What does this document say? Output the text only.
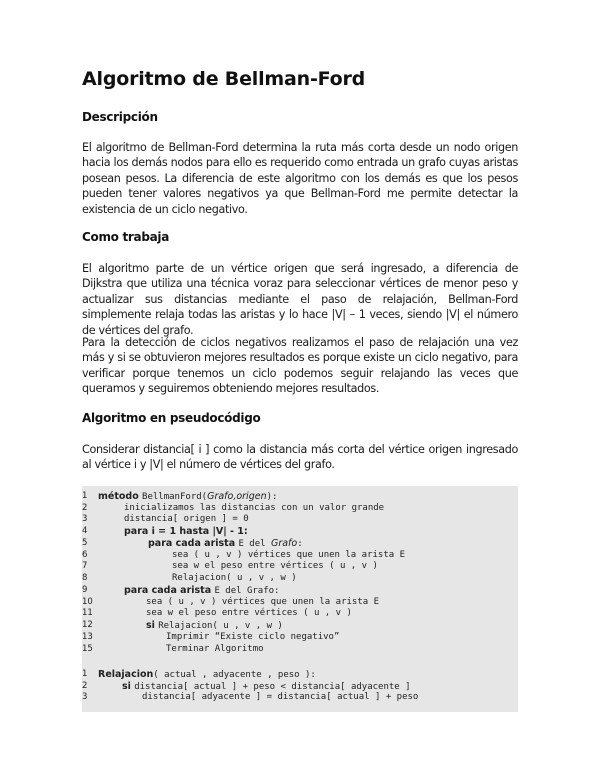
Algoritmo de Bellman-Ford
Descripción

El algoritmo de Bellman-Ford determina la ruta más corta desde un nodo origen hacia los demás nodos para ello es requerido como entrada un grafo cuyas aristas posean pesos. La diferencia de este algoritmo con los demás es que los pesos pueden tener valores negativos ya que Bellman-Ford me permite detectar la existencia de un ciclo negativo.

Como trabaja

El algoritmo parte de un vértice origen que será ingresado, a diferencia de Dijkstra que utiliza una técnica voraz para seleccionar vértices de menor peso y actualizar sus distancias mediante el paso de relajación, Bellman-Ford simplemente relaja todas las aristas y lo hace |V| – 1 veces, siendo |V| el número de vértices del grafo.

Para la detección de ciclos negativos realizamos el paso de relajación una vez más y si se obtuvieron mejores resultados es porque existe un ciclo negativo, para verificar porque tenemos un ciclo podemos seguir relajando las veces que queramos y seguiremos obteniendo mejores resultados.

Algoritmo en pseudocódigo

Considerar distancia[ i ] como la distancia más corta del vértice origen ingresado al vértice i y |V| el número de vértices del grafo.

1	método BellmanFord(Grafo,origen):
2	inicializamos las distancias con un valor grande
3	distancia[ origen ] = 0
4	para i = 1 hasta |V| - 1:
5	para cada arista E del Grafo:
6	sea ( u , v ) vértices que unen la arista E
7	sea w el peso entre vértices ( u , v )
8	Relajacion( u , v , w )
9	para cada arista E del Grafo:
10	sea ( u , v ) vértices que unen la arista E
11	sea w el peso entre vértices ( u , v )
12	si Relajacion( u , v , w )
13	Imprimir “Existe ciclo negativo”
15	Terminar Algoritmo
1	Relajacion( actual , adyacente , peso ):
2	si distancia[ actual ] + peso < distancia[ adyacente ]
3	distancia[ adyacente ] = distancia[ actual ] + peso
